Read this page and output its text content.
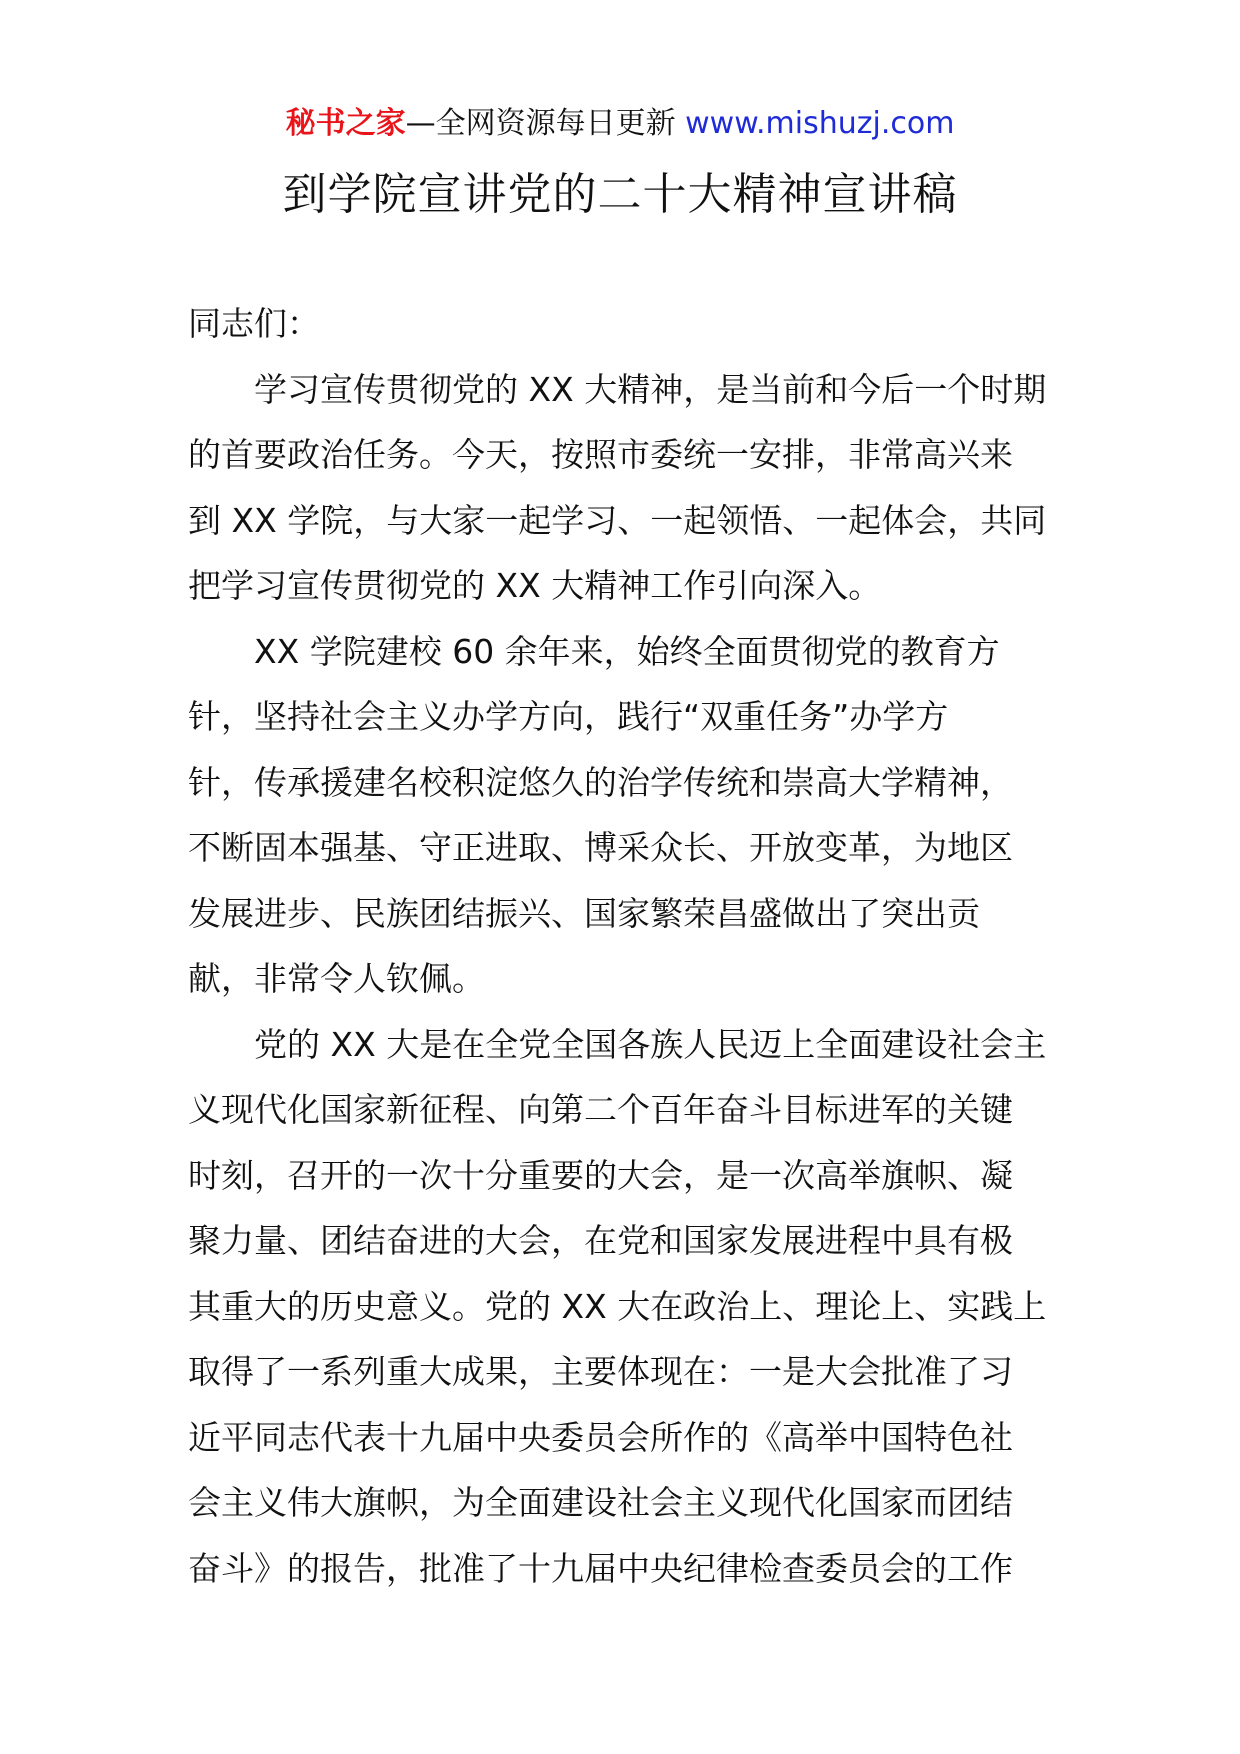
秘书之家—全网资源每日更新 www.mishuzj.com
到学院宣讲党的二十大精神宣讲稿
同志们：
学习宣传贯彻党的 XX 大精神，是当前和今后一个时期
的首要政治任务。今天，按照市委统一安排，非常高兴来
到 XX 学院，与大家一起学习、一起领悟、一起体会，共同
把学习宣传贯彻党的 XX 大精神工作引向深入。
XX 学院建校 60 余年来，始终全面贯彻党的教育方
针，坚持社会主义办学方向，践行“双重任务”办学方
针，传承援建名校积淀悠久的治学传统和崇高大学精神，
不断固本强基、守正进取、博采众长、开放变革，为地区
发展进步、民族团结振兴、国家繁荣昌盛做出了突出贡
献，非常令人钦佩。
党的 XX 大是在全党全国各族人民迈上全面建设社会主
义现代化国家新征程、向第二个百年奋斗目标进军的关键
时刻，召开的一次十分重要的大会，是一次高举旗帜、凝
聚力量、团结奋进的大会，在党和国家发展进程中具有极
其重大的历史意义。党的 XX 大在政治上、理论上、实践上
取得了一系列重大成果，主要体现在：一是大会批准了习
近平同志代表十九届中央委员会所作的《高举中国特色社
会主义伟大旗帜，为全面建设社会主义现代化国家而团结
奋斗》的报告，批准了十九届中央纪律检查委员会的工作
